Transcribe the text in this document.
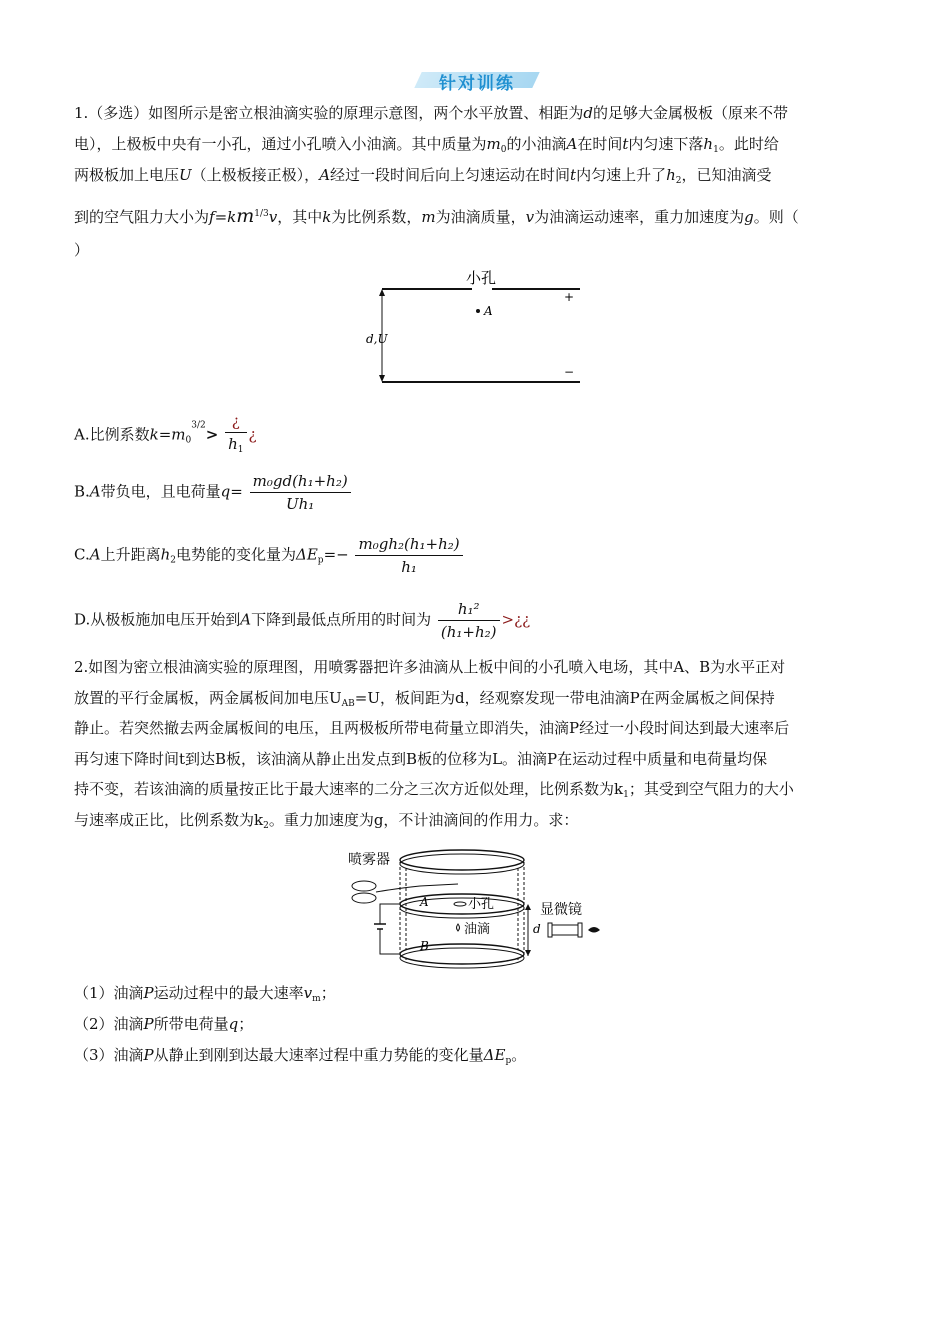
针对训练
1.（多选）如图所示是密立根油滴实验的原理示意图，两个水平放置、相距为d的足够大金属极板（原来不带
电），上极板中央有一小孔，通过小孔喷入小油滴。其中质量为$m_0$的小油滴A在时间t内匀速下落$h_1$。此时给
两极板加上电压U（上极板接正极），A经过一段时间后向上匀速运动在时间t内匀速上升了$h_2$，已知油滴受
到的空气阻力大小为$f=km^{1/3}v$，其中k为比例系数，m为油滴质量，v为油滴运动速率，重力加速度为g。则（
）
小孔
+
−
A
d,U
A.比例系数$k=m_0^{3/2}> \frac{¿}{h_1}$ ¿
B.A带负电，且电荷量$q= \frac{\text{m₀gd(h₁+h₂)}}{\text{Uh₁}}$
C.A上升距离$h_2$电势能的变化量为$\Delta E_p=- \frac{\text{m₀gh₂(h₁+h₂)}}{\text{h₁}}$
D.从极板施加电压开始到A下降到最低点所用的时间为 $\frac{\text{h₁²}}{\text{(h₁+h₂)}}$ >¿¿
2.如图为密立根油滴实验的原理图，用喷雾器把许多油滴从上板中间的小孔喷入电场，其中A、B为水平正对
放置的平行金属板，两金属板间加电压$U_{AB}=U$，板间距为d，经观察发现一带电油滴P在两金属板之间保持
静止。若突然撤去两金属板间的电压，且两极板所带电荷量立即消失，油滴P经过一小段时间达到最大速率后
再匀速下降时间t到达B板，该油滴从静止出发点到B板的位移为L。油滴P在运动过程中质量和电荷量均保
持不变，若该油滴的质量按正比于最大速率的二分之三次方近似处理，比例系数为$k_1$；其受到空气阻力的大小
与速率成正比，比例系数为$k_2$。重力加速度为g，不计油滴间的作用力。求：
喷雾器
A	小孔
油滴
B
d
显微镜
（1）油滴P运动过程中的最大速率$v_m$；
（2）油滴P所带电荷量q；
（3）油滴P从静止到刚到达最大速率过程中重力势能的变化量$\Delta E_p$。
